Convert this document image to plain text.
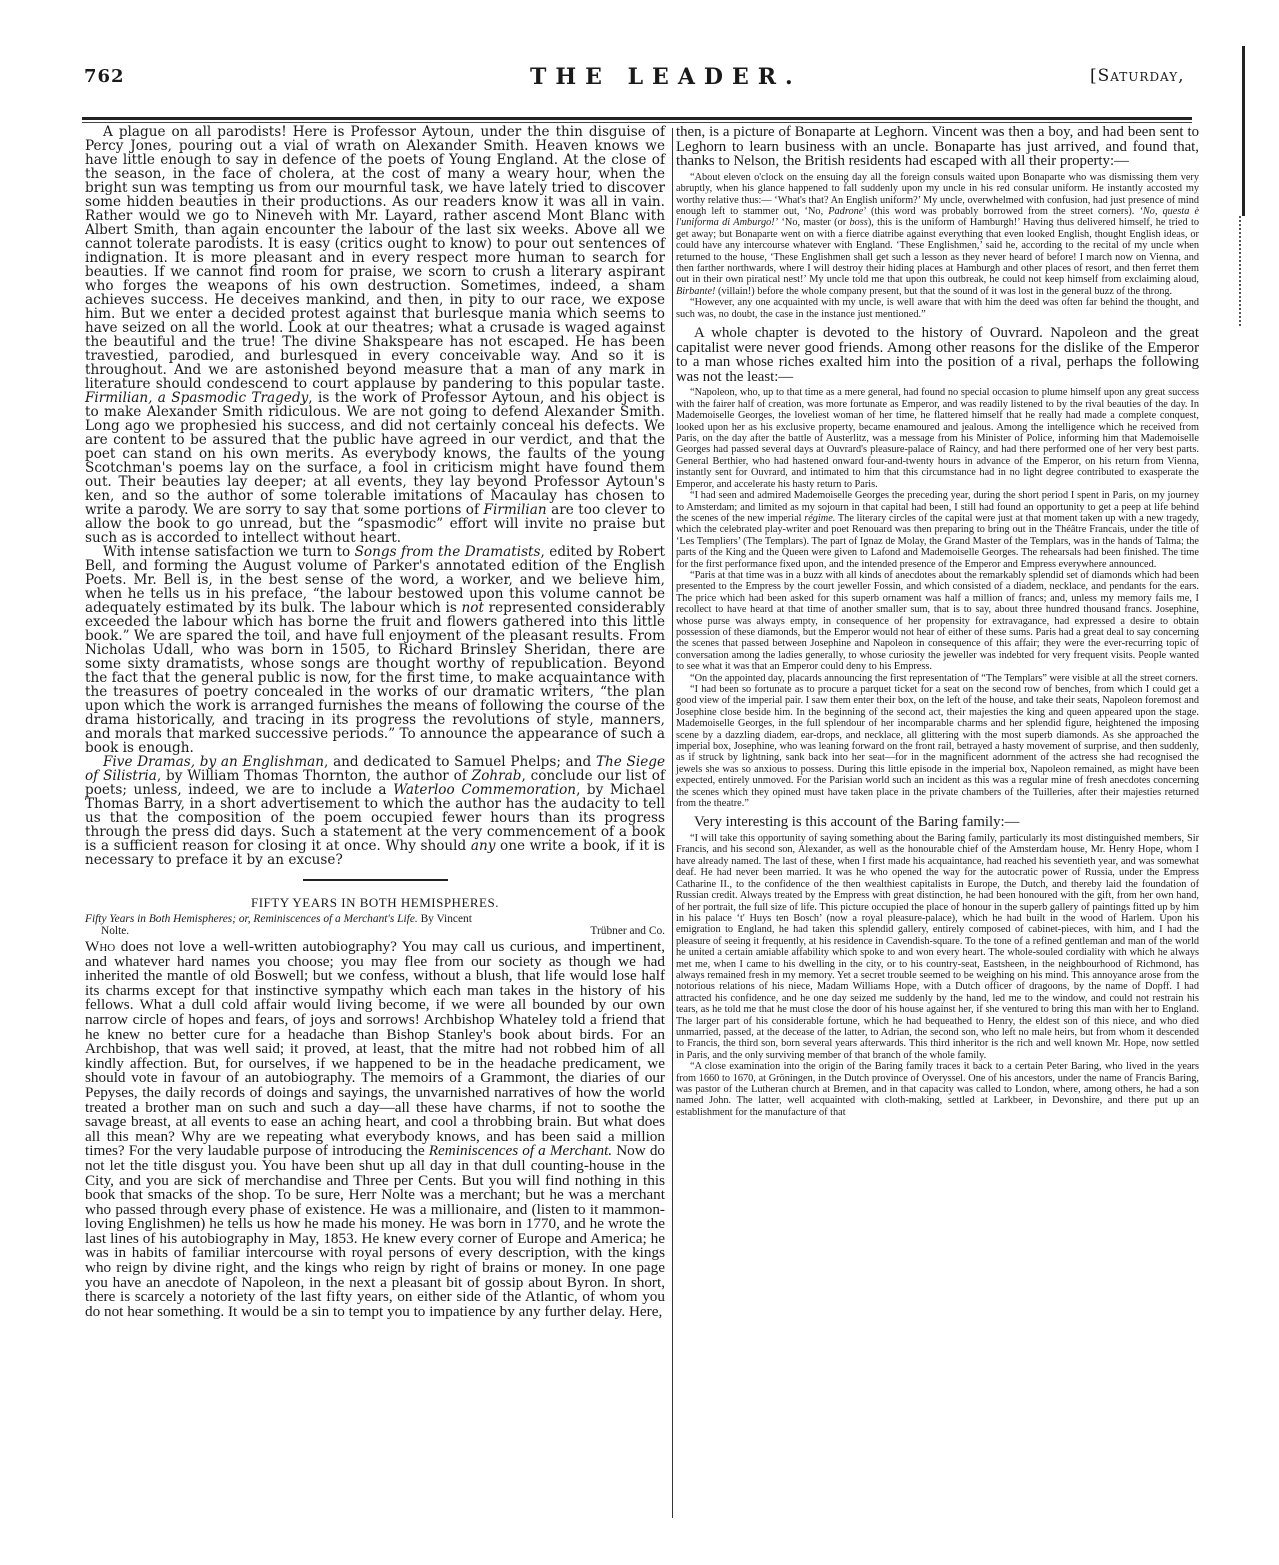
762	THE LEADER.	[Saturday,

A plague on all parodists! Here is Professor Aytoun, under the thin disguise of Percy Jones, pouring out a vial of wrath on Alexander Smith. Heaven knows we have little enough to say in defence of the poets of Young England. At the close of the season, in the face of cholera, at the cost of many a weary hour, when the bright sun was tempting us from our mournful task, we have lately tried to discover some hidden beauties in their productions. As our readers know it was all in vain. Rather would we go to Nineveh with Mr. Layard, rather ascend Mont Blanc with Albert Smith, than again encounter the labour of the last six weeks. Above all we cannot tolerate parodists. It is easy (critics ought to know) to pour out sentences of indignation. It is more pleasant and in every respect more human to search for beauties. If we cannot find room for praise, we scorn to crush a literary aspirant who forges the weapons of his own destruction. Sometimes, indeed, a sham achieves success. He deceives mankind, and then, in pity to our race, we expose him. But we enter a decided protest against that burlesque mania which seems to have seized on all the world. Look at our theatres; what a crusade is waged against the beautiful and the true! The divine Shakspeare has not escaped. He has been travestied, parodied, and burlesqued in every conceivable way. And so it is throughout. And we are astonished beyond measure that a man of any mark in literature should condescend to court applause by pandering to this popular taste. Firmilian, a Spasmodic Tragedy, is the work of Professor Aytoun, and his object is to make Alexander Smith ridiculous. We are not going to defend Alexander Smith. Long ago we prophesied his success, and did not certainly conceal his defects. We are content to be assured that the public have agreed in our verdict, and that the poet can stand on his own merits. As everybody knows, the faults of the young Scotchman's poems lay on the surface, a fool in criticism might have found them out. Their beauties lay deeper; at all events, they lay beyond Professor Aytoun's ken, and so the author of some tolerable imitations of Macaulay has chosen to write a parody. We are sorry to say that some portions of Firmilian are too clever to allow the book to go unread, but the “spasmodic” effort will invite no praise but such as is accorded to intellect without heart.

With intense satisfaction we turn to Songs from the Dramatists, edited by Robert Bell, and forming the August volume of Parker's annotated edition of the English Poets. Mr. Bell is, in the best sense of the word, a worker, and we believe him, when he tells us in his preface, “the labour bestowed upon this volume cannot be adequately estimated by its bulk. The labour which is not represented considerably exceeded the labour which has borne the fruit and flowers gathered into this little book.” We are spared the toil, and have full enjoyment of the pleasant results. From Nicholas Udall, who was born in 1505, to Richard Brinsley Sheridan, there are some sixty dramatists, whose songs are thought worthy of republication. Beyond the fact that the general public is now, for the first time, to make acquaintance with the treasures of poetry concealed in the works of our dramatic writers, “the plan upon which the work is arranged furnishes the means of following the course of the drama historically, and tracing in its progress the revolutions of style, manners, and morals that marked successive periods.” To announce the appearance of such a book is enough.

Five Dramas, by an Englishman, and dedicated to Samuel Phelps; and The Siege of Silistria, by William Thomas Thornton, the author of Zohrab, conclude our list of poets; unless, indeed, we are to include a Waterloo Commemoration, by Michael Thomas Barry, in a short advertisement to which the author has the audacity to tell us that the composition of the poem occupied fewer hours than its progress through the press did days. Such a statement at the very commencement of a book is a sufficient reason for closing it at once. Why should any one write a book, if it is necessary to preface it by an excuse?

FIFTY YEARS IN BOTH HEMISPHERES.

Fifty Years in Both Hemispheres; or, Reminiscences of a Merchant's Life. By Vincent

Nolte.	Trübner and Co.

Who does not love a well-written autobiography? You may call us curious, and impertinent, and whatever hard names you choose; you may flee from our society as though we had inherited the mantle of old Boswell; but we confess, without a blush, that life would lose half its charms except for that instinctive sympathy which each man takes in the history of his fellows. What a dull cold affair would living become, if we were all bounded by our own narrow circle of hopes and fears, of joys and sorrows! Archbishop Whateley told a friend that he knew no better cure for a headache than Bishop Stanley's book about birds. For an Archbishop, that was well said; it proved, at least, that the mitre had not robbed him of all kindly affection. But, for ourselves, if we happened to be in the headache predicament, we should vote in favour of an autobiography. The memoirs of a Grammont, the diaries of our Pepyses, the daily records of doings and sayings, the unvarnished narratives of how the world treated a brother man on such and such a day—all these have charms, if not to soothe the savage breast, at all events to ease an aching heart, and cool a throbbing brain. But what does all this mean? Why are we repeating what everybody knows, and has been said a million times? For the very laudable purpose of introducing the Reminiscences of a Merchant. Now do not let the title disgust you. You have been shut up all day in that dull counting-house in the City, and you are sick of merchandise and Three per Cents. But you will find nothing in this book that smacks of the shop. To be sure, Herr Nolte was a merchant; but he was a merchant who passed through every phase of existence. He was a millionaire, and (listen to it mammon-loving Englishmen) he tells us how he made his money. He was born in 1770, and he wrote the last lines of his autobiography in May, 1853. He knew every corner of Europe and America; he was in habits of familiar intercourse with royal persons of every description, with the kings who reign by divine right, and the kings who reign by right of brains or money. In one page you have an anecdote of Napoleon, in the next a pleasant bit of gossip about Byron. In short, there is scarcely a notoriety of the last fifty years, on either side of the Atlantic, of whom you do not hear something. It would be a sin to tempt you to impatience by any further delay. Here,

then, is a picture of Bonaparte at Leghorn. Vincent was then a boy, and had been sent to Leghorn to learn business with an uncle. Bonaparte has just arrived, and found that, thanks to Nelson, the British residents had escaped with all their property:—

“About eleven o'clock on the ensuing day all the foreign consuls waited upon Bonaparte who was dismissing them very abruptly, when his glance happened to fall suddenly upon my uncle in his red consular uniform. He instantly accosted my worthy relative thus:— ‘What's that? An English uniform?’ My uncle, overwhelmed with confusion, had just presence of mind enough left to stammer out, ‘No, Padrone’ (this word was probably borrowed from the street corners). ‘No, questa è l'uniforma di Amburgo!’ ‘No, master (or boss), this is the uniform of Hamburgh!’ Having thus delivered himself, he tried to get away; but Bonaparte went on with a fierce diatribe against everything that even looked English, thought English ideas, or could have any intercourse whatever with England. ‘These Englishmen,’ said he, according to the recital of my uncle when returned to the house, ‘These Englishmen shall get such a lesson as they never heard of before! I march now on Vienna, and then farther northwards, where I will destroy their hiding places at Hamburgh and other places of resort, and then ferret them out in their own piratical nest!’ My uncle told me that upon this outbreak, he could not keep himself from exclaiming aloud, Birbante! (villain!) before the whole company present, but that the sound of it was lost in the general buzz of the throng.

“However, any one acquainted with my uncle, is well aware that with him the deed was often far behind the thought, and such was, no doubt, the case in the instance just mentioned.”

A whole chapter is devoted to the history of Ouvrard. Napoleon and the great capitalist were never good friends. Among other reasons for the dislike of the Emperor to a man whose riches exalted him into the position of a rival, perhaps the following was not the least:—

“Napoleon, who, up to that time as a mere general, had found no special occasion to plume himself upon any great success with the fairer half of creation, was more fortunate as Emperor, and was readily listened to by the rival beauties of the day. In Mademoiselle Georges, the loveliest woman of her time, he flattered himself that he really had made a complete conquest, looked upon her as his exclusive property, became enamoured and jealous. Among the intelligence which he received from Paris, on the day after the battle of Austerlitz, was a message from his Minister of Police, informing him that Mademoiselle Georges had passed several days at Ouvrard's pleasure-palace of Raincy, and had there performed one of her very best parts. General Berthier, who had hastened onward four-and-twenty hours in advance of the Emperor, on his return from Vienna, instantly sent for Ouvrard, and intimated to him that this circumstance had in no light degree contributed to exasperate the Emperor, and accelerate his hasty return to Paris.

“I had seen and admired Mademoiselle Georges the preceding year, during the short period I spent in Paris, on my journey to Amsterdam; and limited as my sojourn in that capital had been, I still had found an opportunity to get a peep at life behind the scenes of the new imperial régime. The literary circles of the capital were just at that moment taken up with a new tragedy, which the celebrated play-writer and poet Renouard was then preparing to bring out in the Théâtre Francais, under the title of ‘Les Templiers’ (The Templars). The part of Ignaz de Molay, the Grand Master of the Templars, was in the hands of Talma; the parts of the King and the Queen were given to Lafond and Mademoiselle Georges. The rehearsals had been finished. The time for the first performance fixed upon, and the intended presence of the Emperor and Empress everywhere announced.

“Paris at that time was in a buzz with all kinds of anecdotes about the remarkably splendid set of diamonds which had been presented to the Empress by the court jeweller Fossin, and which consisted of a diadem, necklace, and pendants for the ears. The price which had been asked for this superb ornament was half a million of francs; and, unless my memory fails me, I recollect to have heard at that time of another smaller sum, that is to say, about three hundred thousand francs. Josephine, whose purse was always empty, in consequence of her propensity for extravagance, had expressed a desire to obtain possession of these diamonds, but the Emperor would not hear of either of these sums. Paris had a great deal to say concerning the scenes that passed between Josephine and Napoleon in consequence of this affair; they were the ever-recurring topic of conversation among the ladies generally, to whose curiosity the jeweller was indebted for very frequent visits. People wanted to see what it was that an Emperor could deny to his Empress.

“On the appointed day, placards announcing the first representation of “The Templars” were visible at all the street corners.

“I had been so fortunate as to procure a parquet ticket for a seat on the second row of benches, from which I could get a good view of the imperial pair. I saw them enter their box, on the left of the house, and take their seats, Napoleon foremost and Josephine close beside him. In the beginning of the second act, their majesties the king and queen appeared upon the stage. Mademoiselle Georges, in the full splendour of her incomparable charms and her splendid figure, heightened the imposing scene by a dazzling diadem, ear-drops, and necklace, all glittering with the most superb diamonds. As she approached the imperial box, Josephine, who was leaning forward on the front rail, betrayed a hasty movement of surprise, and then suddenly, as if struck by lightning, sank back into her seat—for in the magnificent adornment of the actress she had recognised the jewels she was so anxious to possess. During this little episode in the imperial box, Napoleon remained, as might have been expected, entirely unmoved. For the Parisian world such an incident as this was a regular mine of fresh anecdotes concerning the scenes which they opined must have taken place in the private chambers of the Tuilleries, after their majesties returned from the theatre.”

Very interesting is this account of the Baring family:—

“I will take this opportunity of saying something about the Baring family, particularly its most distinguished members, Sir Francis, and his second son, Alexander, as well as the honourable chief of the Amsterdam house, Mr. Henry Hope, whom I have already named. The last of these, when I first made his acquaintance, had reached his seventieth year, and was somewhat deaf. He had never been married. It was he who opened the way for the autocratic power of Russia, under the Empress Catharine II., to the confidence of the then wealthiest capitalists in Europe, the Dutch, and thereby laid the foundation of Russian credit. Always treated by the Empress with great distinction, he had been honoured with the gift, from her own hand, of her portrait, the full size of life. This picture occupied the place of honour in the superb gallery of paintings fitted up by him in his palace ‘t' Huys ten Bosch’ (now a royal pleasure-palace), which he had built in the wood of Harlem. Upon his emigration to England, he had taken this splendid gallery, entirely composed of cabinet-pieces, with him, and I had the pleasure of seeing it frequently, at his residence in Cavendish-square. To the tone of a refined gentleman and man of the world he united a certain amiable affability which spoke to and won every heart. The whole-souled cordiality with which he always met me, when I came to his dwelling in the city, or to his country-seat, Eastsheen, in the neighbourhood of Richmond, has always remained fresh in my memory. Yet a secret trouble seemed to be weighing on his mind. This annoyance arose from the notorious relations of his niece, Madam Williams Hope, with a Dutch officer of dragoons, by the name of Dopff. I had attracted his confidence, and he one day seized me suddenly by the hand, led me to the window, and could not restrain his tears, as he told me that he must close the door of his house against her, if she ventured to bring this man with her to England. The larger part of his considerable fortune, which he had bequeathed to Henry, the eldest son of this niece, and who died unmarried, passed, at the decease of the latter, to Adrian, the second son, who left no male heirs, but from whom it descended to Francis, the third son, born several years afterwards. This third inheritor is the rich and well known Mr. Hope, now settled in Paris, and the only surviving member of that branch of the whole family.

“A close examination into the origin of the Baring family traces it back to a certain Peter Baring, who lived in the years from 1660 to 1670, at Gröningen, in the Dutch province of Overyssel. One of his ancestors, under the name of Francis Baring, was pastor of the Lutheran church at Bremen, and in that capacity was called to London, where, among others, he had a son named John. The latter, well acquainted with cloth-making, settled at Larkbeer, in Devonshire, and there put up an establishment for the manufacture of that
